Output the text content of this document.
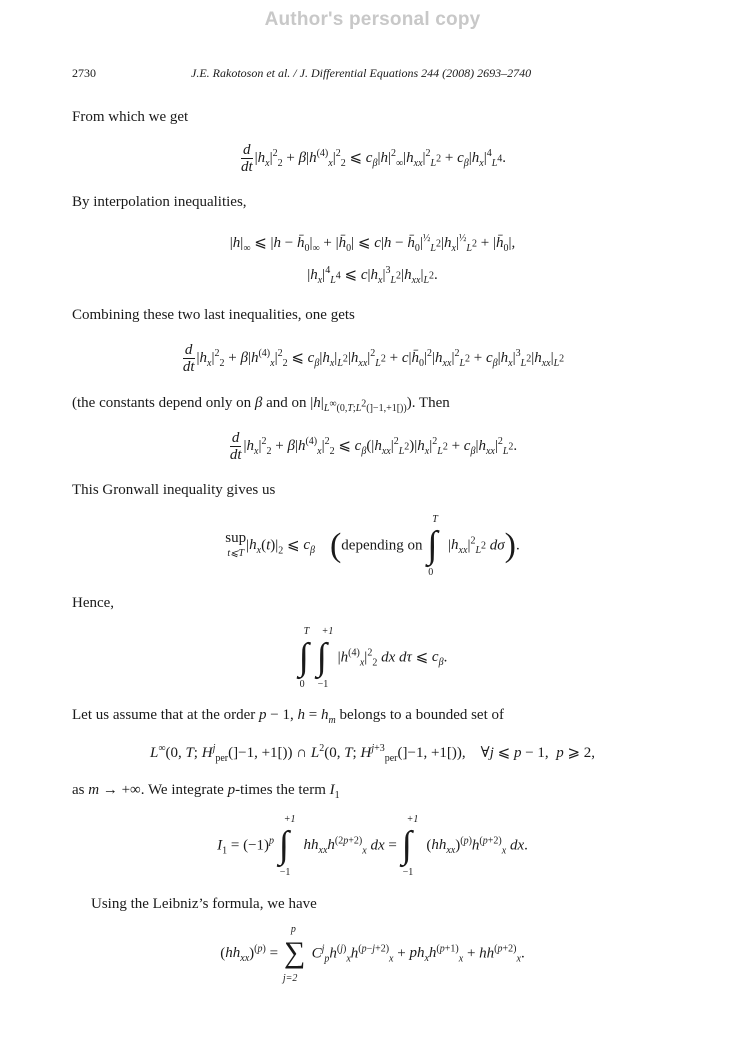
Author's personal copy
2730	J.E. Rakotoson et al. / J. Differential Equations 244 (2008) 2693–2740
From which we get
$\frac{d}{dt} |h_x|^2_2 + \beta|h^{(4)}_x|^2_2$ ⩽ $c_\beta|h|^2_\infty|h_{xx}|^2_{L^2} + c_\beta|h_x|^4_{L^4}$.
By interpolation inequalities,
$|h|_\infty$ ⩽ $|h - h̄_0|_\infty$ + $|h̄_0|$ ⩽ $c|h - h̄_0|^{\frac{1}{2}}_{L^2}|h_x|^{\frac{1}{2}}_{L^2}$ + $|h̄_0|$,
$|h_x|^4_{L^4}$ ⩽ $c|h_x|^3_{L^2}|h_{xx}|_{L^2}$.
Combining these two last inequalities, one gets
$\frac{d}{dt} |h_x|^2_2 + \beta|h^{(4)}_x|^2_2$ ⩽ $c_\beta|h_x|_{L^2}|h_{xx}|^2_{L^2}$ + $c|h̄_0|^2|h_{xx}|^2_{L^2} + c_\beta|h_x|^3_{L^2}|h_{xx}|_{L^2}$
(the constants depend only on β and on $|h|_{L^\infty(0,T;L^2(]-1,+1[))}$). Then
$\frac{d}{dt} |h_x|^2_2 + \beta|h^{(4)}_x|^2_2$ ⩽ $c_\beta(|h_{xx}|^2_{L^2})|h_x|^2_{L^2} + c_\beta|h_{xx}|^2_{L^2}$.
This Gronwall inequality gives us
sup
t⩽T
$|h_x(t)|_2$ ⩽ $c_\beta$ (depending on
T
∫
0
$|h_{xx}|^2_{L^2}$ dσ).
Hence,
T
∫
0
+1
∫
−1
$|h^{(4)}_x|^2_2$ dx dτ ⩽ $c_\beta$.
Let us assume that at the order p − 1, $h = h_m$ belongs to a bounded set of
L∞(0, T; $H^j_{per}(]-1$, +1[)) ∩ $L^2(0$, T; $H^{j+3}_{per}(]-1$, +1[)),    ∀j ⩽ p − 1,  p ⩾ 2,
as m → +∞. We integrate p-times the term $I_1$
$I_1 = (-1)^p$
+1
∫
−1
$hh_{xx}h^{(2p+2)}_x$ dx =
+1
∫
−1
$(hh_{xx})^{(p)}h^{(p+2)}_x$ dx.
Using the Leibniz’s formula, we have
$(hh_{xx})^{(p)}$ =
p
∑
j=2
$C^j_ph^{(j)}_xh^{(p-j+2)}_x + ph_xh^{(p+1)}_x + hh^{(p+2)}_x$.
